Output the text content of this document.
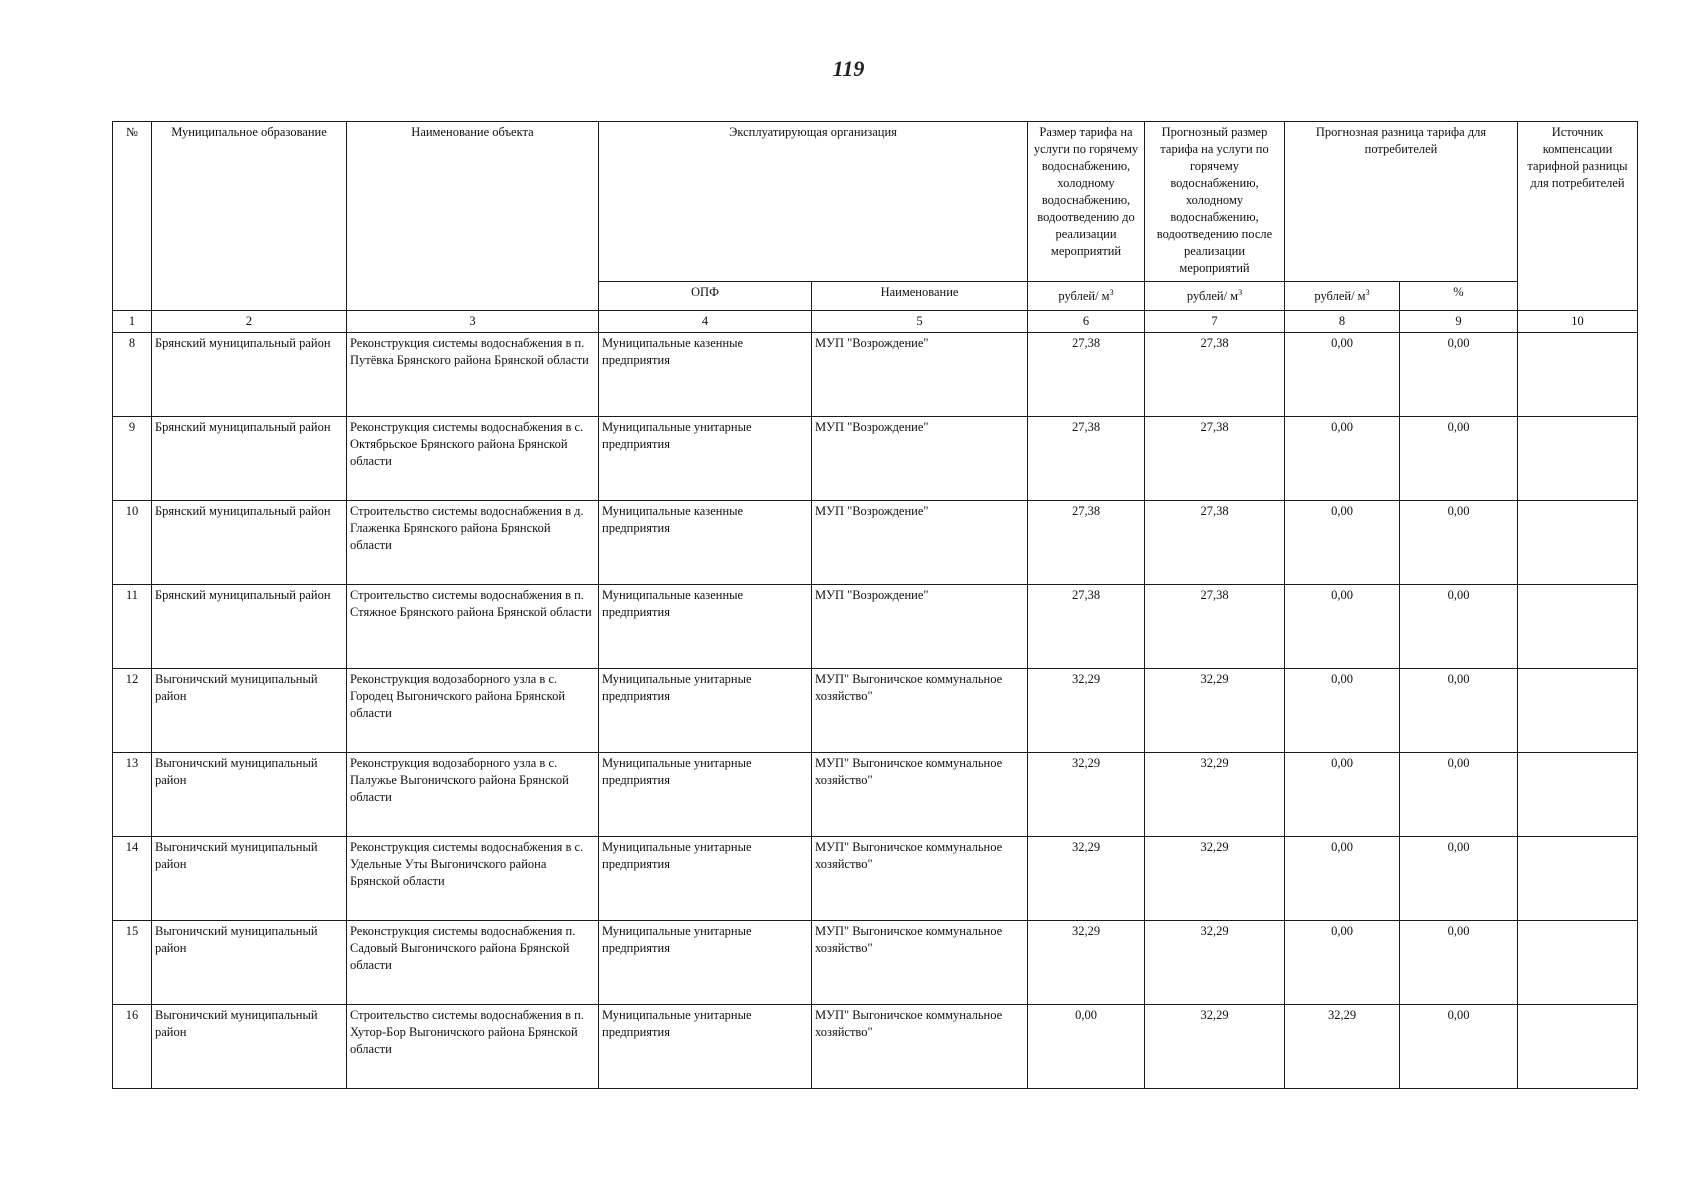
119
№	Муниципальное образование	Наименование объекта	Эксплуатирующая организация		Размер тарифа на услуги по горячему водоснабжению, холодному водоснабжению, водоотведению до реализации мероприятий	Прогнозный размер тарифа на услуги по горячему водоснабжению, холодному водоснабжению, водоотведению после реализации мероприятий	Прогнозная разница тарифа для потребителей		Источник компенсации тарифной разницы для потребителей
			ОПФ	Наименование	рублей/ $м^3$	рублей/ $м^3$	рублей/ $м^3$	%	
1	2	3	4	5	6	7	8	9	10
8	Брянский муниципальный район	Реконструкция системы водоснабжения в п. Путёвка Брянского района Брянской области	Муниципальные казенные предприятия	МУП "Возрождение"	27,38	27,38	0,00	0,00	
9	Брянский муниципальный район	Реконструкция системы водоснабжения в с. Октябрьское Брянского района Брянской области	Муниципальные унитарные предприятия	МУП "Возрождение"	27,38	27,38	0,00	0,00	
10	Брянский муниципальный район	Строительство системы водоснабжения в д. Глаженка Брянского района Брянской области	Муниципальные казенные предприятия	МУП "Возрождение"	27,38	27,38	0,00	0,00	
11	Брянский муниципальный район	Строительство системы водоснабжения в п. Стяжное Брянского района Брянской области	Муниципальные казенные предприятия	МУП "Возрождение"	27,38	27,38	0,00	0,00	
12	Выгоничский муниципальный район	Реконструкция водозаборного узла в с. Городец Выгоничского района Брянской области	Муниципальные унитарные предприятия	МУП" Выгоничское коммунальное хозяйство"	32,29	32,29	0,00	0,00	
13	Выгоничский муниципальный район	Реконструкция водозаборного узла в с. Палужье Выгоничского района Брянской области	Муниципальные унитарные предприятия	МУП" Выгоничское коммунальное хозяйство"	32,29	32,29	0,00	0,00	
14	Выгоничский муниципальный район	Реконструкция системы водоснабжения в с. Удельные Уты Выгоничского района Брянской области	Муниципальные унитарные предприятия	МУП" Выгоничское коммунальное хозяйство"	32,29	32,29	0,00	0,00	
15	Выгоничский муниципальный район	Реконструкция системы водоснабжения п. Садовый Выгоничского района Брянской области	Муниципальные унитарные предприятия	МУП" Выгоничское коммунальное хозяйство"	32,29	32,29	0,00	0,00	
16	Выгоничский муниципальный район	Строительство системы водоснабжения в п. Хутор-Бор Выгоничского района Брянской области	Муниципальные унитарные предприятия	МУП" Выгоничское коммунальное хозяйство"	0,00	32,29	32,29	0,00	
